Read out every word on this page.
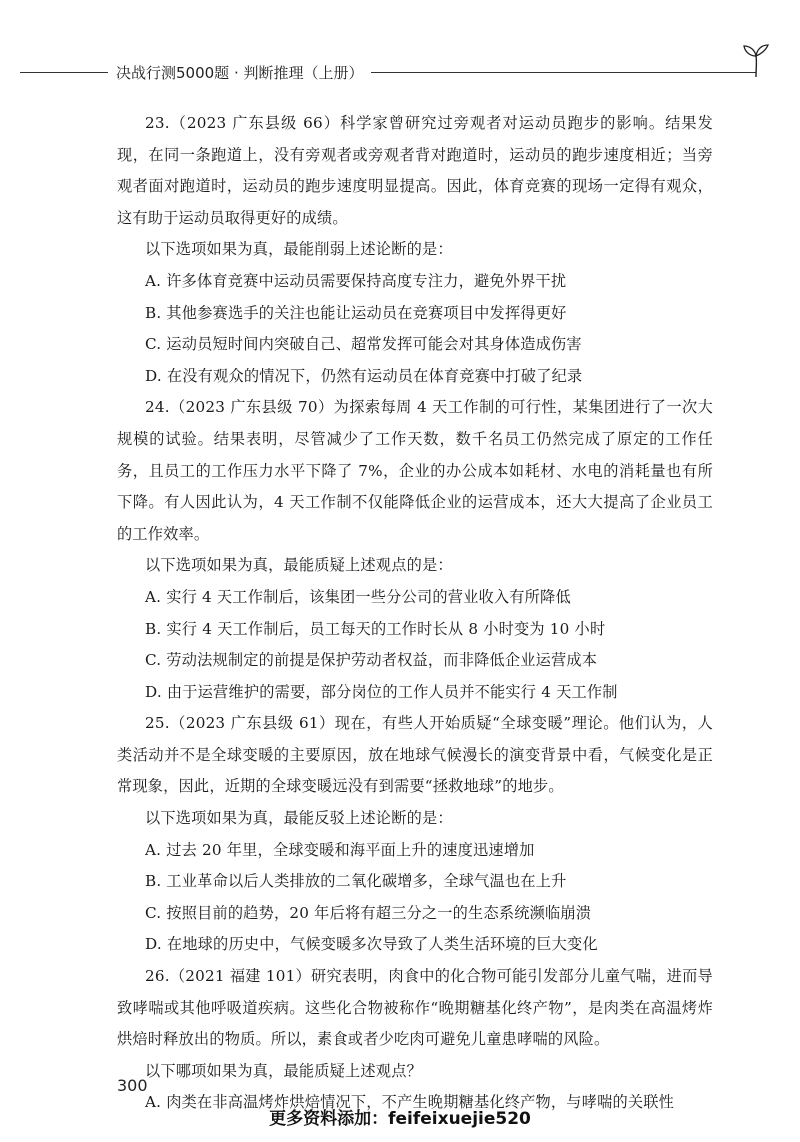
决战行测5000题 · 判断推理（上册）

23.（2023 广东县级 66）科学家曾研究过旁观者对运动员跑步的影响。结果发现，在同一条跑道上，没有旁观者或旁观者背对跑道时，运动员的跑步速度相近；当旁观者面对跑道时，运动员的跑步速度明显提高。因此，体育竞赛的现场一定得有观众，这有助于运动员取得更好的成绩。

以下选项如果为真，最能削弱上述论断的是：

A. 许多体育竞赛中运动员需要保持高度专注力，避免外界干扰

B. 其他参赛选手的关注也能让运动员在竞赛项目中发挥得更好

C. 运动员短时间内突破自己、超常发挥可能会对其身体造成伤害

D. 在没有观众的情况下，仍然有运动员在体育竞赛中打破了纪录

24.（2023 广东县级 70）为探索每周 4 天工作制的可行性，某集团进行了一次大规模的试验。结果表明，尽管减少了工作天数，数千名员工仍然完成了原定的工作任务，且员工的工作压力水平下降了 7%，企业的办公成本如耗材、水电的消耗量也有所下降。有人因此认为，4 天工作制不仅能降低企业的运营成本，还大大提高了企业员工的工作效率。

以下选项如果为真，最能质疑上述观点的是：

A. 实行 4 天工作制后，该集团一些分公司的营业收入有所降低

B. 实行 4 天工作制后，员工每天的工作时长从 8 小时变为 10 小时

C. 劳动法规制定的前提是保护劳动者权益，而非降低企业运营成本

D. 由于运营维护的需要，部分岗位的工作人员并不能实行 4 天工作制

25.（2023 广东县级 61）现在，有些人开始质疑“全球变暖”理论。他们认为，人类活动并不是全球变暖的主要原因，放在地球气候漫长的演变背景中看，气候变化是正常现象，因此，近期的全球变暖远没有到需要“拯救地球”的地步。

以下选项如果为真，最能反驳上述论断的是：

A. 过去 20 年里，全球变暖和海平面上升的速度迅速增加

B. 工业革命以后人类排放的二氧化碳增多，全球气温也在上升

C. 按照目前的趋势，20 年后将有超三分之一的生态系统濒临崩溃

D. 在地球的历史中，气候变暖多次导致了人类生活环境的巨大变化

26.（2021 福建 101）研究表明，肉食中的化合物可能引发部分儿童气喘，进而导致哮喘或其他呼吸道疾病。这些化合物被称作“晚期糖基化终产物”，是肉类在高温烤炸烘焙时释放出的物质。所以，素食或者少吃肉可避免儿童患哮喘的风险。

以下哪项如果为真，最能质疑上述观点？

A. 肉类在非高温烤炸烘焙情况下，不产生晚期糖基化终产物，与哮喘的关联性

300
更多资料添加：feifeixuejie520
